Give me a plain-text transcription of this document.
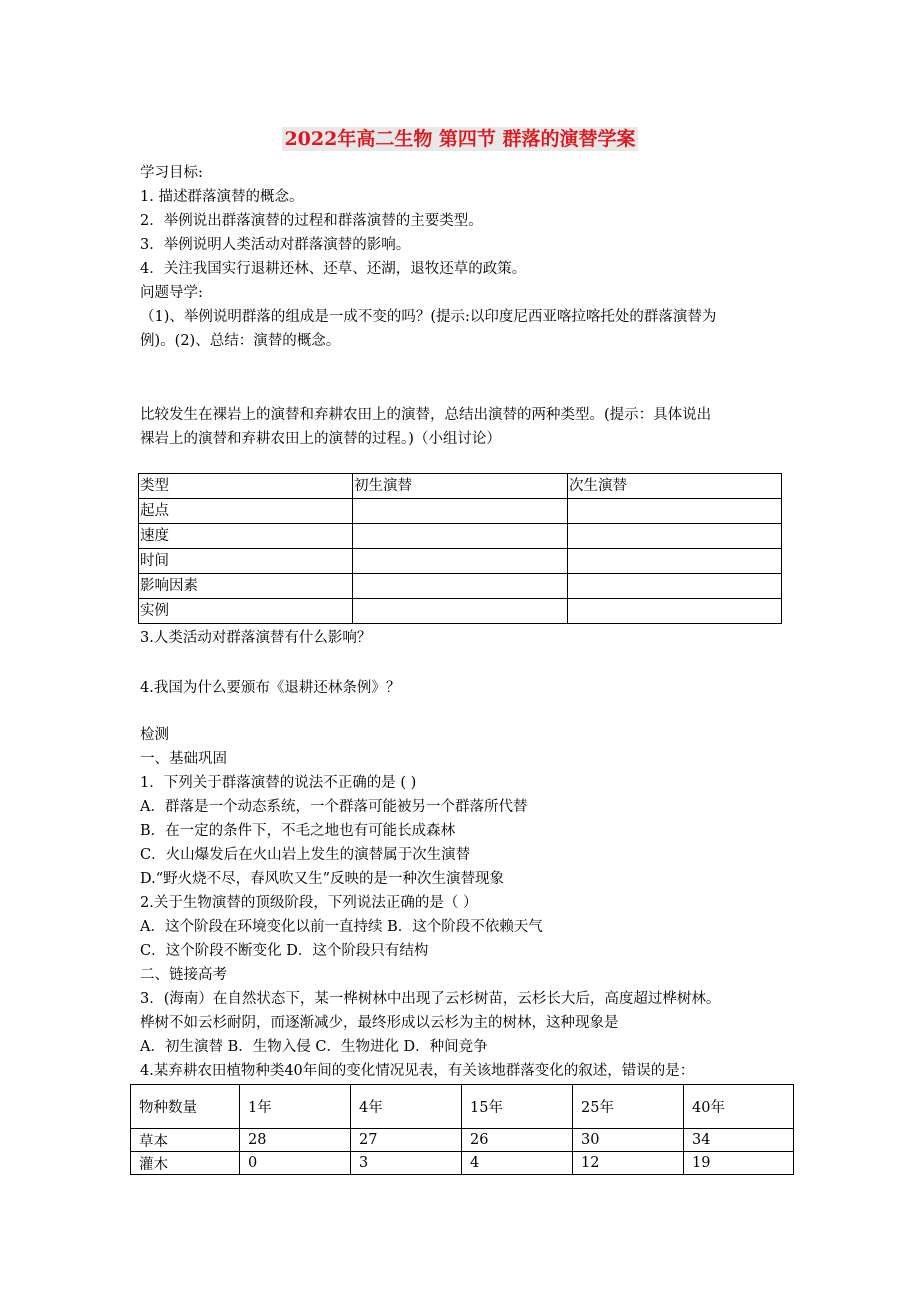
2022年高二生物 第四节 群落的演替学案
学习目标:
1. 描述群落演替的概念。
2．举例说出群落演替的过程和群落演替的主要类型。
3．举例说明人类活动对群落演替的影响。
4．关注我国实行退耕还林、还草、还湖，退牧还草的政策。
问题导学:
（1)、举例说明群落的组成是一成不变的吗？(提示:以印度尼西亚喀拉喀托处的群落演替为
例)。(2)、总结：演替的概念。
比较发生在裸岩上的演替和弃耕农田上的演替，总结出演替的两种类型。(提示：具体说出
裸岩上的演替和弃耕农田上的演替的过程。)（小组讨论）
类型	初生演替	次生演替
起点		
速度		
时间		
影响因素		
实例		
3.人类活动对群落演替有什么影响？
4.我国为什么要颁布《退耕还林条例》？
检测
一、基础巩固
1．下列关于群落演替的说法不正确的是 ( )
A．群落是一个动态系统，一个群落可能被另一个群落所代替
B．在一定的条件下，不毛之地也有可能长成森林
C．火山爆发后在火山岩上发生的演替属于次生演替
D.“野火烧不尽，春风吹又生”反映的是一种次生演替现象
2.关于生物演替的顶级阶段，下列说法正确的是（ ）
A．这个阶段在环境变化以前一直持续 B．这个阶段不依赖天气
C．这个阶段不断变化 D．这个阶段只有结构
二、链接高考
3．(海南）在自然状态下，某一桦树林中出现了云杉树苗，云杉长大后，高度超过桦树林。
桦树不如云杉耐阴，而逐渐减少，最终形成以云杉为主的树林，这种现象是
A．初生演替 B．生物入侵 C．生物进化 D．种间竞争
4.某弃耕农田植物种类40年间的变化情况见表，有关该地群落变化的叙述，错误的是：
物种数量	1年	4年	15年	25年	40年
草本	28	27	26	30	34
灌木	0	3	4	12	19
